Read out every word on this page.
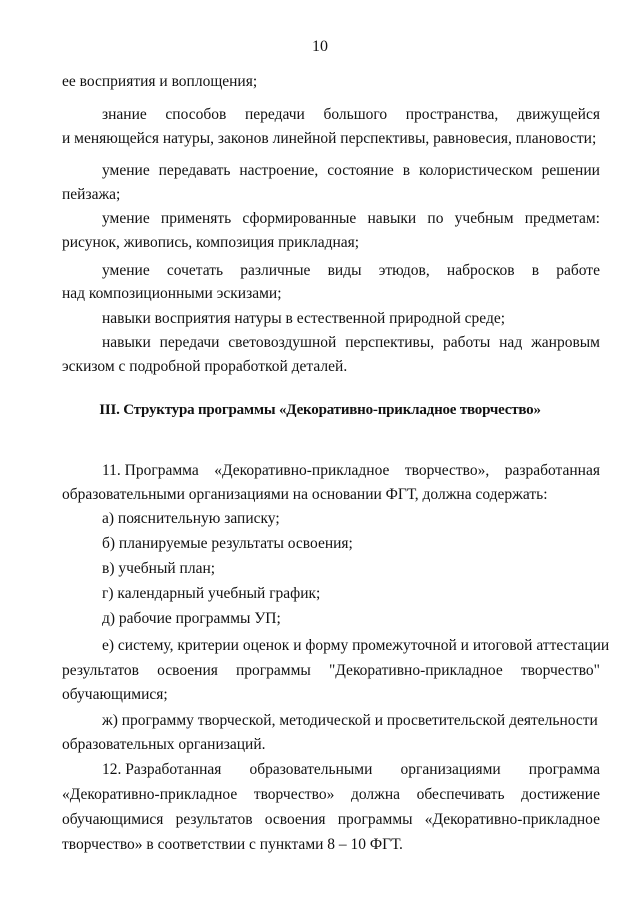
10

ее восприятия и воплощения;

знание способов передачи большого пространства, движущейся

и меняющейся натуры, законов линейной перспективы, равновесия, плановости;

умение передавать настроение, состояние в колористическом решении

пейзажа;

умение применять сформированные навыки по учебным предметам:

рисунок, живопись, композиция прикладная;

умение сочетать различные виды этюдов, набросков в работе

над композиционными эскизами;

навыки восприятия натуры в естественной природной среде;

навыки передачи световоздушной перспективы, работы над жанровым

эскизом с подробной проработкой деталей.

III. Структура программы «Декоративно-прикладное творчество»

11. Программа «Декоративно-прикладное творчество», разработанная

образовательными организациями на основании ФГТ, должна содержать:

а) пояснительную записку;

б) планируемые результаты освоения;

в) учебный план;

г) календарный учебный график;

д) рабочие программы УП;

е) систему, критерии оценок и форму промежуточной и итоговой аттестации

результатов освоения программы "Декоративно-прикладное творчество"

обучающимися;

ж) программу творческой, методической и просветительской деятельности

образовательных организаций.

12. Разработанная образовательными организациями программа

«Декоративно-прикладное творчество» должна обеспечивать достижение

обучающимися результатов освоения программы «Декоративно-прикладное

творчество» в соответствии с пунктами 8 – 10 ФГТ.
